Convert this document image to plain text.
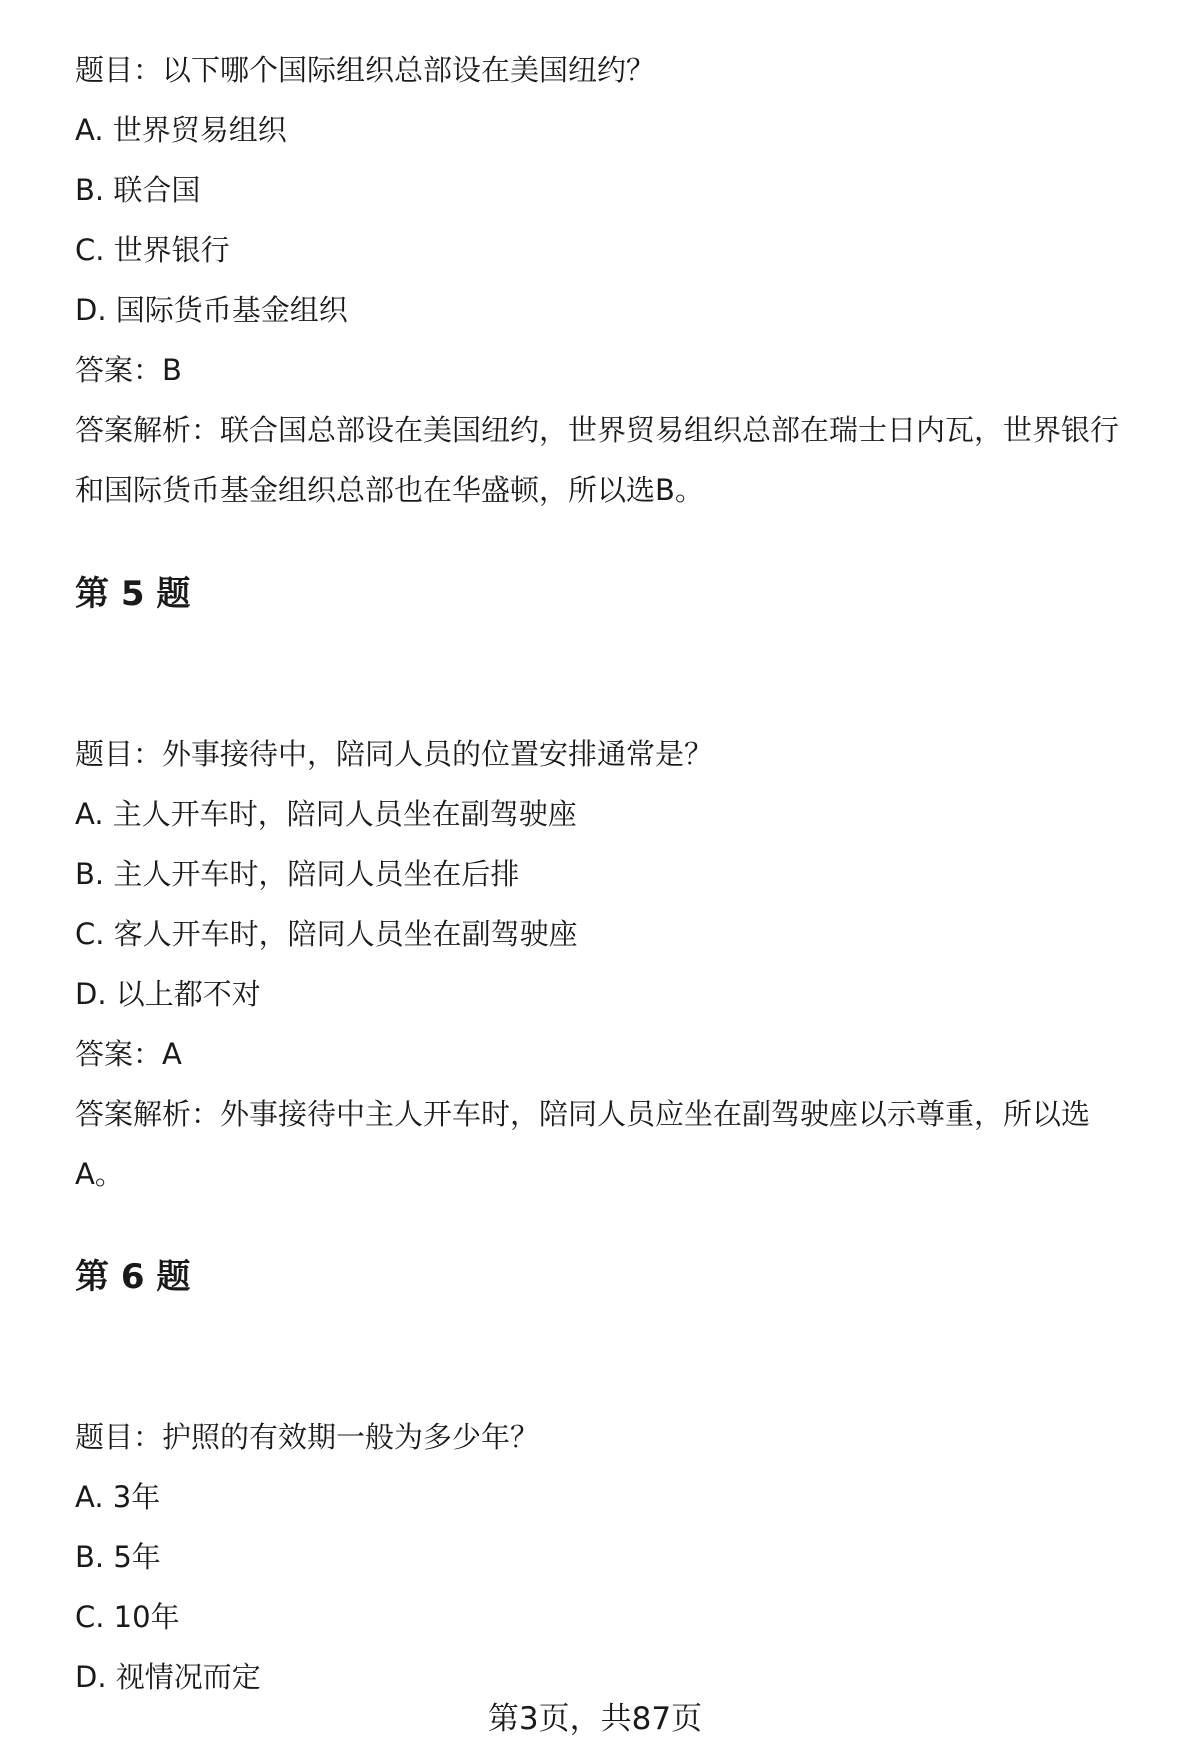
题目：以下哪个国际组织总部设在美国纽约？
A. 世界贸易组织
B. 联合国
C. 世界银行
D. 国际货币基金组织
答案：B
答案解析：联合国总部设在美国纽约，世界贸易组织总部在瑞士日内瓦，世界银行
和国际货币基金组织总部也在华盛顿，所以选B。
第 5 题
题目：外事接待中，陪同人员的位置安排通常是？
A. 主人开车时，陪同人员坐在副驾驶座
B. 主人开车时，陪同人员坐在后排
C. 客人开车时，陪同人员坐在副驾驶座
D. 以上都不对
答案：A
答案解析：外事接待中主人开车时，陪同人员应坐在副驾驶座以示尊重，所以选
A。
第 6 题
题目：护照的有效期一般为多少年？
A. 3年
B. 5年
C. 10年
D. 视情况而定
第3页，共87页
